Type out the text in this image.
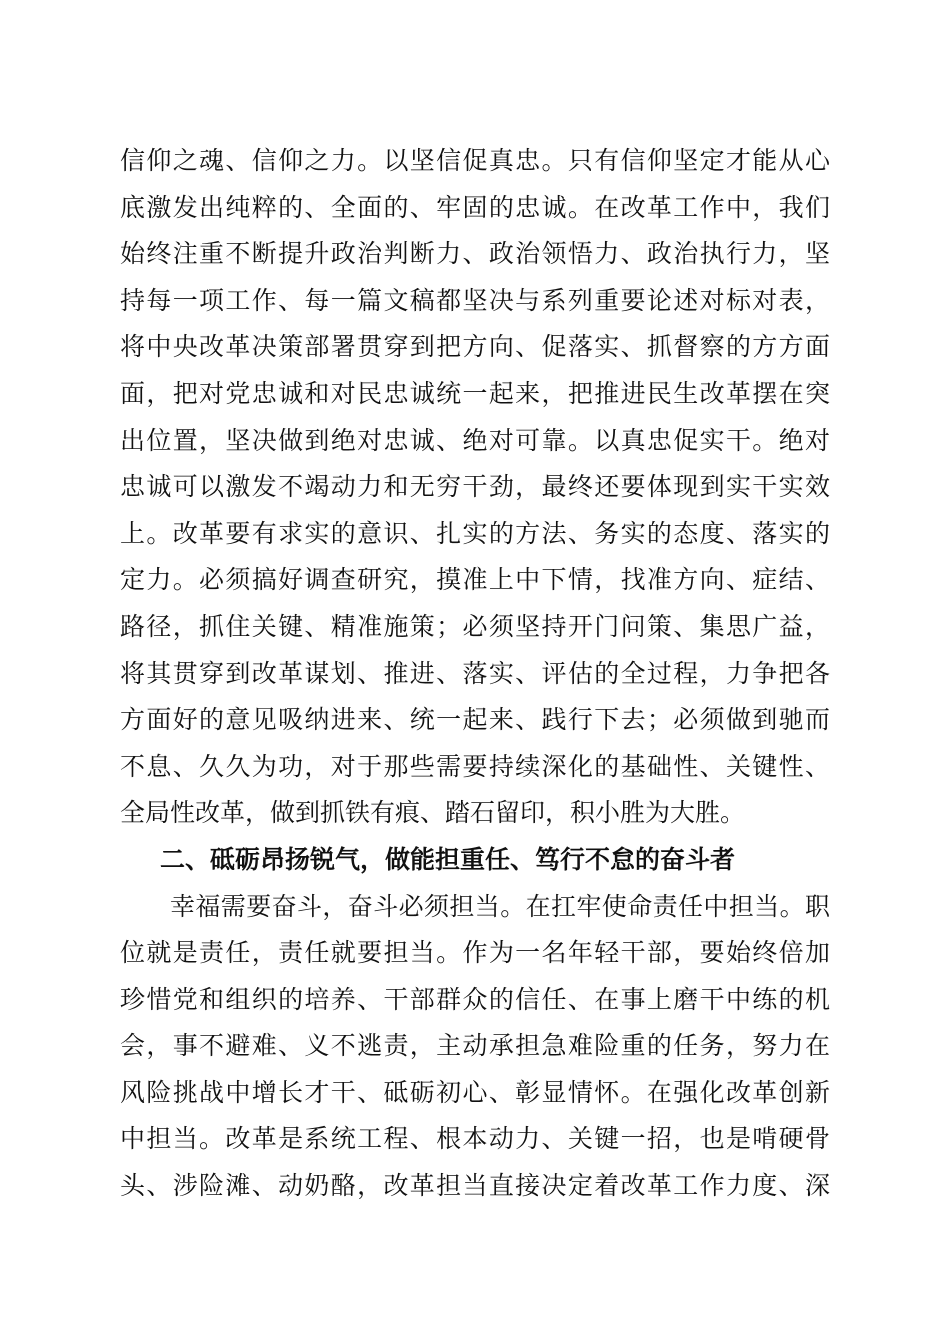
信仰之魂、信仰之力。以坚信促真忠。只有信仰坚定才能从心
底激发出纯粹的、全面的、牢固的忠诚。在改革工作中，我们
始终注重不断提升政治判断力、政治领悟力、政治执行力，坚
持每一项工作、每一篇文稿都坚决与系列重要论述对标对表，
将中央改革决策部署贯穿到把方向、促落实、抓督察的方方面
面，把对党忠诚和对民忠诚统一起来，把推进民生改革摆在突
出位置，坚决做到绝对忠诚、绝对可靠。以真忠促实干。绝对
忠诚可以激发不竭动力和无穷干劲，最终还要体现到实干实效
上。改革要有求实的意识、扎实的方法、务实的态度、落实的
定力。必须搞好调查研究，摸准上中下情，找准方向、症结、
路径，抓住关键、精准施策；必须坚持开门问策、集思广益，
将其贯穿到改革谋划、推进、落实、评估的全过程，力争把各
方面好的意见吸纳进来、统一起来、践行下去；必须做到驰而
不息、久久为功，对于那些需要持续深化的基础性、关键性、
全局性改革，做到抓铁有痕、踏石留印，积小胜为大胜。
二、砥砺昂扬锐气，做能担重任、笃行不怠的奋斗者
幸福需要奋斗，奋斗必须担当。在扛牢使命责任中担当。职
位就是责任，责任就要担当。作为一名年轻干部，要始终倍加
珍惜党和组织的培养、干部群众的信任、在事上磨干中练的机
会，事不避难、义不逃责，主动承担急难险重的任务，努力在
风险挑战中增长才干、砥砺初心、彰显情怀。在强化改革创新
中担当。改革是系统工程、根本动力、关键一招，也是啃硬骨
头、涉险滩、动奶酪，改革担当直接决定着改革工作力度、深
